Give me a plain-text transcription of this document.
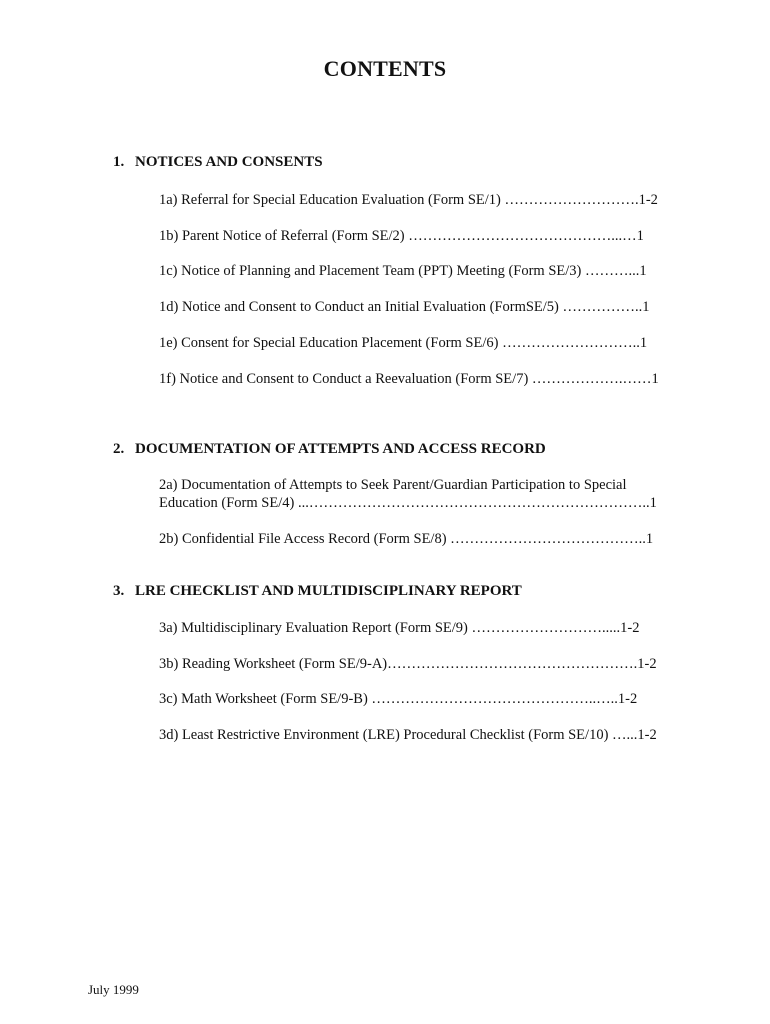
CONTENTS
1. NOTICES AND CONSENTS
1a) Referral for Special Education Evaluation (Form SE/1) ……………………….1-2
1b) Parent Notice of Referral (Form SE/2) ……………………………………...…1
1c) Notice of Planning and Placement Team (PPT) Meeting (Form SE/3) ………...1
1d) Notice and Consent to Conduct an Initial Evaluation (FormSE/5) ……………..1
1e) Consent for Special Education Placement (Form SE/6) ………………………..1
1f) Notice and Consent to Conduct a Reevaluation (Form SE/7) ……………….……1
2. DOCUMENTATION OF ATTEMPTS AND ACCESS RECORD
2a) Documentation of Attempts to Seek Parent/Guardian Participation to Special Education (Form SE/4) ...……………………………………………………………..1
2b) Confidential File Access Record (Form SE/8) …………………………………..1
3. LRE CHECKLIST AND MULTIDISCIPLINARY REPORT
3a) Multidisciplinary Evaluation Report (Form SE/9) ……………………….....1-2
3b) Reading Worksheet (Form SE/9-A)…………………………………………….1-2
3c) Math Worksheet (Form SE/9-B) ………………………………………..…..1-2
3d) Least Restrictive Environment (LRE) Procedural Checklist (Form SE/10) …...1-2
July 1999
